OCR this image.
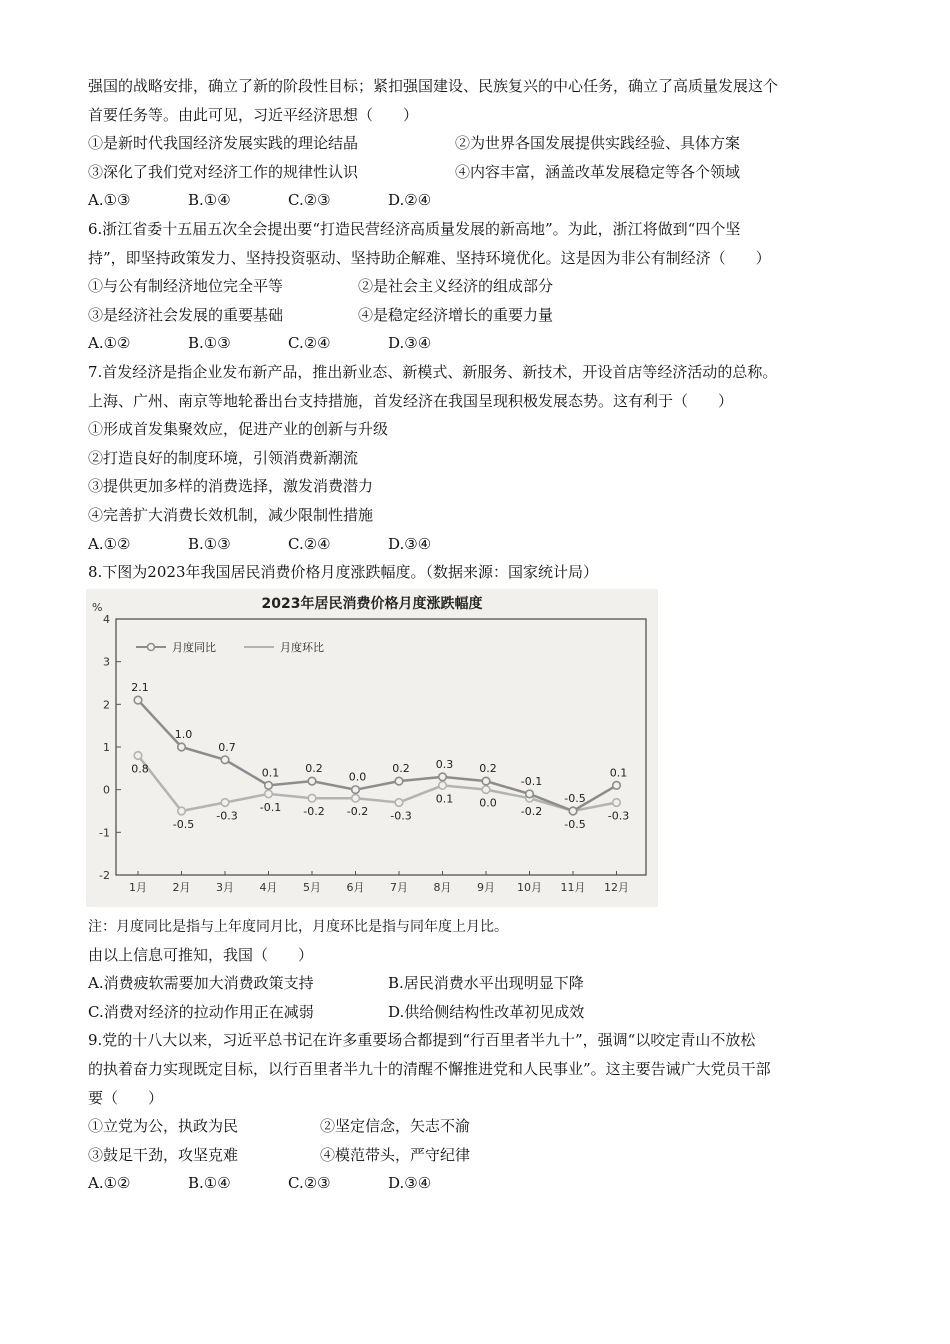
强国的战略安排，确立了新的阶段性目标；紧扣强国建设、民族复兴的中心任务，确立了高质量发展这个
首要任务等。由此可见，习近平经济思想（　　）
①是新时代我国经济发展实践的理论结晶	②为世界各国发展提供实践经验、具体方案
③深化了我们党对经济工作的规律性认识	④内容丰富，涵盖改革发展稳定等各个领域
A.①③	B.①④	C.②③	D.②④
6.浙江省委十五届五次全会提出要“打造民营经济高质量发展的新高地”。为此，浙江将做到“四个坚
持”，即坚持政策发力、坚持投资驱动、坚持助企解难、坚持环境优化。这是因为非公有制经济（　　）
①与公有制经济地位完全平等	②是社会主义经济的组成部分
③是经济社会发展的重要基础	④是稳定经济增长的重要力量
A.①②	B.①③	C.②④	D.③④
7.首发经济是指企业发布新产品，推出新业态、新模式、新服务、新技术，开设首店等经济活动的总称。
上海、广州、南京等地轮番出台支持措施，首发经济在我国呈现积极发展态势。这有利于（　　）
①形成首发集聚效应，促进产业的创新与升级
②打造良好的制度环境，引领消费新潮流
③提供更加多样的消费选择，激发消费潜力
④完善扩大消费长效机制，减少限制性措施
A.①②	B.①③	C.②④	D.③④
8.下图为2023年我国居民消费价格月度涨跌幅度。（数据来源：国家统计局）
2023年居民消费价格月度涨跌幅度
%
4
3
2
1
0
-1
-2
1月 2月 3月 4月 5月 6月 7月 8月 9月 10月 11月 12月
月度同比	月度环比
0.8
-0.5
-0.3
-0.1 -0.2 -0.2 -0.3
0.1 0.0
-0.2
-0.5
-0.3
2.1
1.0
0.7
0.1 0.2
0.0
0.2 0.3 0.2
-0.1
-0.5
0.1
注：月度同比是指与上年度同月比，月度环比是指与同年度上月比。
由以上信息可推知，我国（　　）
A.消费疲软需要加大消费政策支持	B.居民消费水平出现明显下降
C.消费对经济的拉动作用正在减弱	D.供给侧结构性改革初见成效
9.党的十八大以来，习近平总书记在许多重要场合都提到“行百里者半九十”，强调“以咬定青山不放松
的执着奋力实现既定目标，以行百里者半九十的清醒不懈推进党和人民事业”。这主要告诫广大党员干部
要（　　）
①立党为公，执政为民	②坚定信念，矢志不渝
③鼓足干劲，攻坚克难	④模范带头，严守纪律
A.①②	B.①④	C.②③	D.③④
